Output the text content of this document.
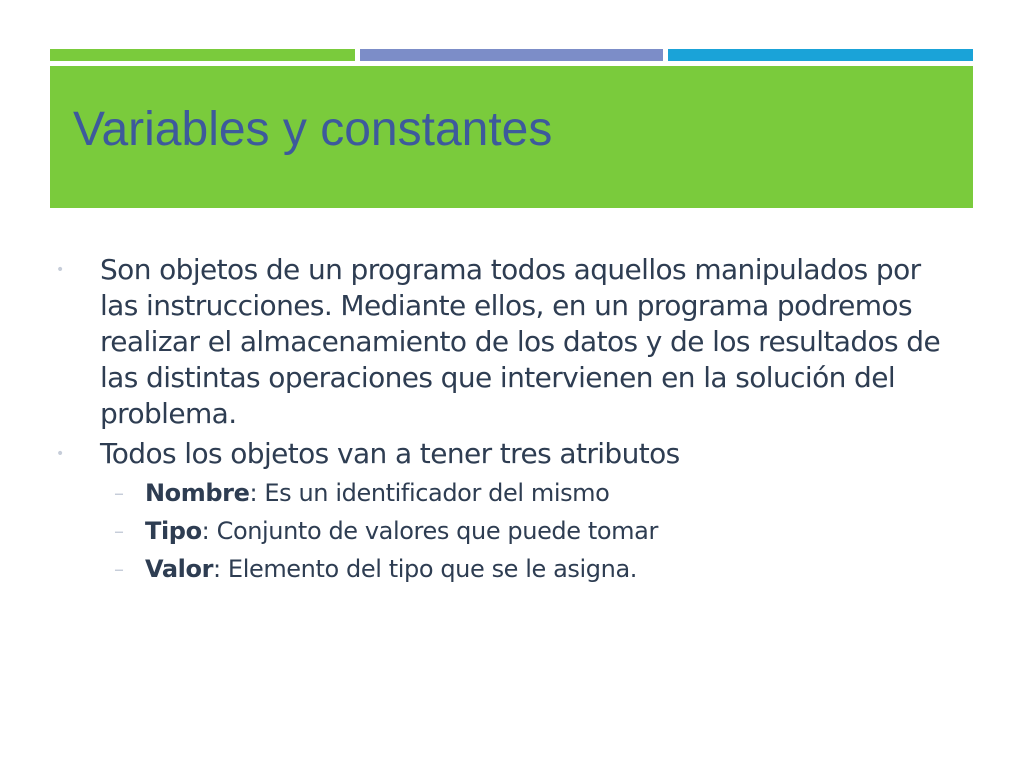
Variables y constantes
• Son objetos de un programa todos aquellos manipulados por las instrucciones. Mediante ellos, en un programa podremos realizar el almacenamiento de los datos y de los resultados de las distintas operaciones que intervienen en la solución del problema.
• Todos los objetos van a tener tres atributos
– Nombre: Es un identificador del mismo
– Tipo: Conjunto de valores que puede tomar
– Valor: Elemento del tipo que se le asigna.
